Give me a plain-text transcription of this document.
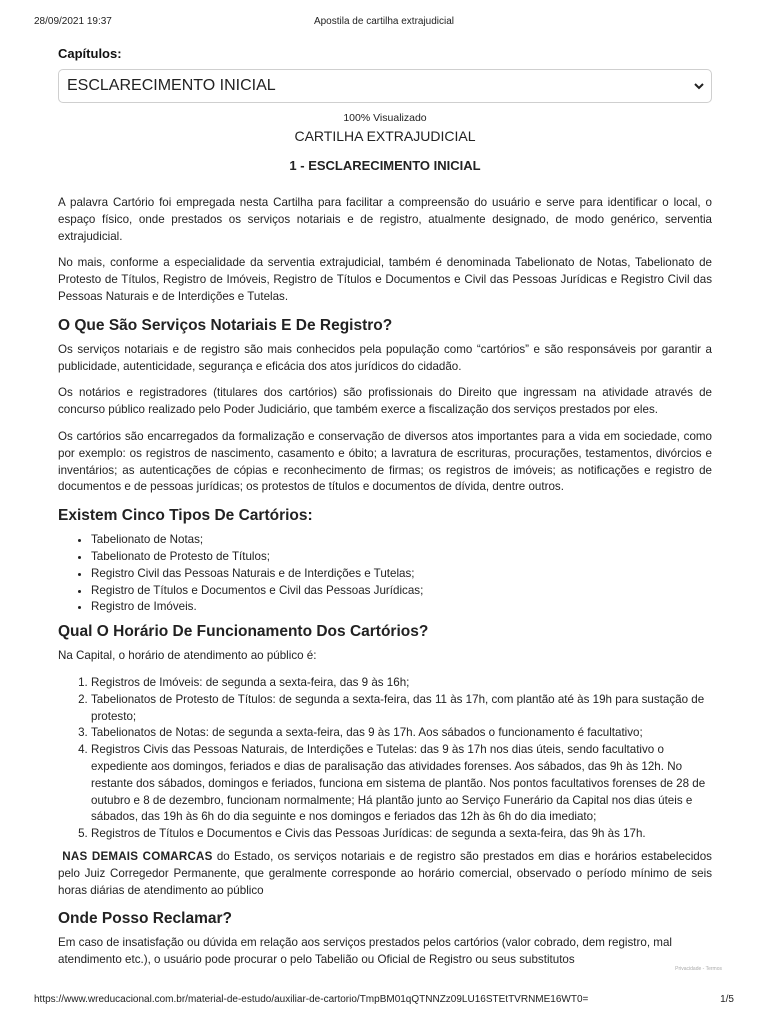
28/09/2021 19:37	Apostila de cartilha extrajudicial
Capítulos:
ESCLARECIMENTO INICIAL
100% Visualizado
CARTILHA EXTRAJUDICIAL
1 - ESCLARECIMENTO INICIAL

A palavra Cartório foi empregada nesta Cartilha para facilitar a compreensão do usuário e serve para identificar o local, o espaço físico, onde prestados os serviços notariais e de registro, atualmente designado, de modo genérico, serventia extrajudicial.

No mais, conforme a especialidade da serventia extrajudicial, também é denominada Tabelionato de Notas, Tabelionato de Protesto de Títulos, Registro de Imóveis, Registro de Títulos e Documentos e Civil das Pessoas Jurídicas e Registro Civil das Pessoas Naturais e de Interdições e Tutelas.

O Que São Serviços Notariais E De Registro?

Os serviços notariais e de registro são mais conhecidos pela população como “cartórios” e são responsáveis por garantir a publicidade, autenticidade, segurança e eficácia dos atos jurídicos do cidadão.

Os notários e registradores (titulares dos cartórios) são profissionais do Direito que ingressam na atividade através de concurso público realizado pelo Poder Judiciário, que também exerce a fiscalização dos serviços prestados por eles.

Os cartórios são encarregados da formalização e conservação de diversos atos importantes para a vida em sociedade, como por exemplo: os registros de nascimento, casamento e óbito; a lavratura de escrituras, procurações, testamentos, divórcios e inventários; as autenticações de cópias e reconhecimento de firmas; os registros de imóveis; as notificações e registro de documentos e de pessoas jurídicas; os protestos de títulos e documentos de dívida, dentre outros.

Existem Cinco Tipos De Cartórios:
• Tabelionato de Notas;
• Tabelionato de Protesto de Títulos;
• Registro Civil das Pessoas Naturais e de Interdições e Tutelas;
• Registro de Títulos e Documentos e Civil das Pessoas Jurídicas;
• Registro de Imóveis.
Qual O Horário De Funcionamento Dos Cartórios?

Na Capital, o horário de atendimento ao público é:

1. Registros de Imóveis: de segunda a sexta-feira, das 9 às 16h;
2. Tabelionatos de Protesto de Títulos: de segunda a sexta-feira, das 11 às 17h, com plantão até às 19h para sustação de protesto;
3. Tabelionatos de Notas: de segunda a sexta-feira, das 9 às 17h. Aos sábados o funcionamento é facultativo;
4. Registros Civis das Pessoas Naturais, de Interdições e Tutelas: das 9 às 17h nos dias úteis, sendo facultativo o expediente aos domingos, feriados e dias de paralisação das atividades forenses. Aos sábados, das 9h às 12h. No restante dos sábados, domingos e feriados, funciona em sistema de plantão. Nos pontos facultativos forenses de 28 de outubro e 8 de dezembro, funcionam normalmente; Há plantão junto ao Serviço Funerário da Capital nos dias úteis e sábados, das 19h às 6h do dia seguinte e nos domingos e feriados das 12h às 6h do dia imediato;
5. Registros de Títulos e Documentos e Civis das Pessoas Jurídicas: de segunda a sexta-feira, das 9h às 17h.

NAS DEMAIS COMARCAS do Estado, os serviços notariais e de registro são prestados em dias e horários estabelecidos pelo Juiz Corregedor Permanente, que geralmente corresponde ao horário comercial, observado o período mínimo de seis horas diárias de atendimento ao público

Onde Posso Reclamar?

Em caso de insatisfação ou dúvida em relação aos serviços prestados pelos cartórios (valor cobrado, dem registro, mal atendimento etc.), o usuário pode procurar o pelo Tabelião ou Oficial de Registro ou seus substitutos

Privacidade - Termos
https://www.wreducacional.com.br/material-de-estudo/auxiliar-de-cartorio/TmpBM01qQTNNZz09LU16STEtTVRNME16WT0=	1/5
